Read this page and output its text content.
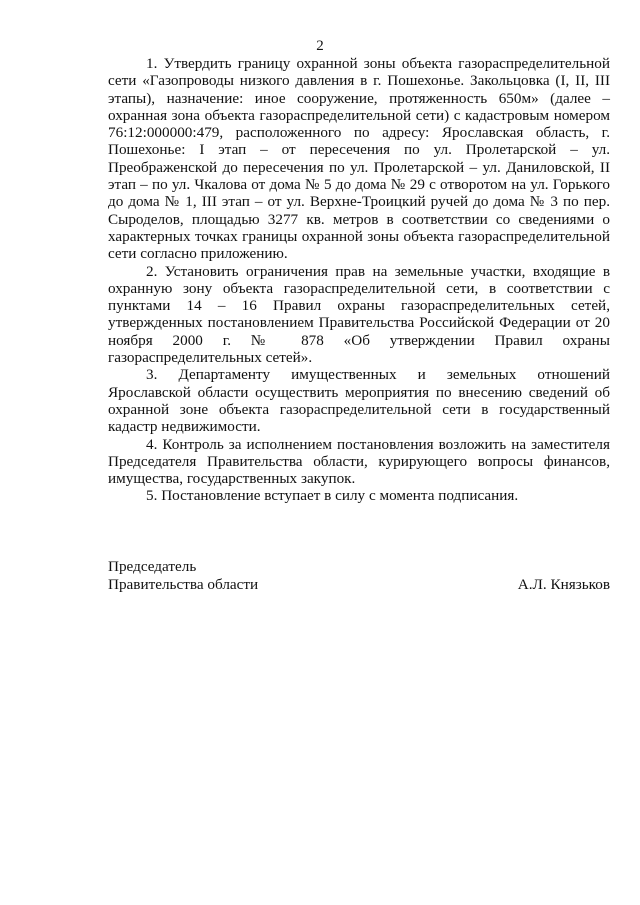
2

1. Утвердить границу охранной зоны объекта газораспределительной сети «Газопроводы низкого давления в г. Пошехонье. Закольцовка (I, II, III этапы), назначение: иное сооружение, протяженность 650м» (далее – охранная зона объекта газораспределительной сети) с кадастровым номером 76:12:000000:479, расположенного по адресу: Ярославская область, г. Пошехонье: I этап – от пересечения по ул. Пролетарской – ул. Преображенской до пересечения по ул. Пролетарской – ул. Даниловской, II этап – по ул. Чкалова от дома № 5 до дома № 29 с отворотом на ул. Горького до дома № 1, III этап – от ул. Верхне-Троицкий ручей до дома № 3 по пер. Сыроделов, площадью 3277 кв. метров в соответствии со сведениями о характерных точках границы охранной зоны объекта газораспределительной сети согласно приложению.

2. Установить ограничения прав на земельные участки, входящие в охранную зону объекта газораспределительной сети, в соответствии с пунктами 14 – 16 Правил охраны газораспределительных сетей, утвержденных постановлением Правительства Российской Федерации от 20 ноября 2000 г. № 878 «Об утверждении Правил охраны газораспределительных сетей».

3. Департаменту имущественных и земельных отношений Ярославской области осуществить мероприятия по внесению сведений об охранной зоне объекта газораспределительной сети в государственный кадастр недвижимости.

4. Контроль за исполнением постановления возложить на заместителя Председателя Правительства области, курирующего вопросы финансов, имущества, государственных закупок.

5. Постановление вступает в силу с момента подписания.

Председатель
Правительства области	А.Л. Князьков
